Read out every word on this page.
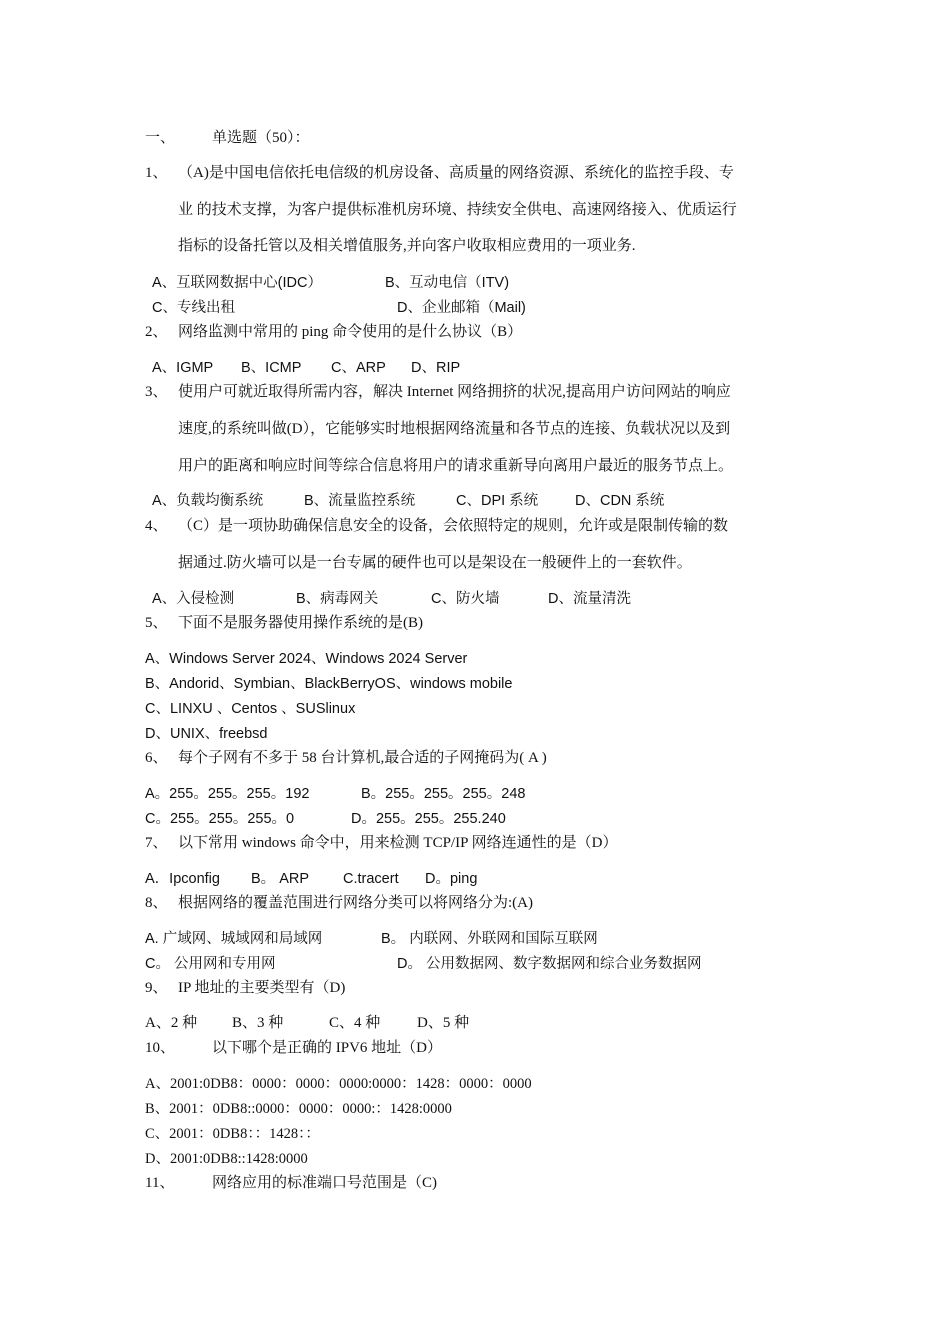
一、 单选题（50）：
1、 （A)是中国电信依托电信级的机房设备、高质量的网络资源、系统化的监控手段、专
业 的技术支撑，为客户提供标准机房环境、持续安全供电、高速网络接入、优质运行
指标的设备托管以及相关增值服务,并向客户收取相应费用的一项业务.
A、互联网数据中心(IDC）	B、互动电信（ITV)
C、专线出租	D、企业邮箱（Mail)
2、 网络监测中常用的 ping 命令使用的是什么协议（B）
A、IGMP B、ICMP C、ARP D、RIP
3、 使用户可就近取得所需内容，解决 Internet 网络拥挤的状况,提高用户访问网站的响应
速度,的系统叫做(D），它能够实时地根据网络流量和各节点的连接、负载状况以及到
用户的距离和响应时间等综合信息将用户的请求重新导向离用户最近的服务节点上。
A、负载均衡系统	B、流量监控系统	C、DPI 系统	D、CDN 系统
4、 （C）是一项协助确保信息安全的设备，会依照特定的规则，允许或是限制传输的数
据通过.防火墙可以是一台专属的硬件也可以是架设在一般硬件上的一套软件。
A、入侵检测	B、病毒网关	C、防火墙	D、流量清洗
5、 下面不是服务器使用操作系统的是(B)
A、Windows Server 2024、Windows 2024 Server
B、Andorid、Symbian、BlackBerryOS、windows mobile
C、LINXU 、Centos 、SUSlinux
D、UNIX、freebsd
6、 每个子网有不多于 58 台计算机,最合适的子网掩码为( A )
A。255。255。255。192	B。255。255。255。248
C。255。255。255。0	D。255。255。255.240
7、 以下常用 windows 命令中，用来检测 TCP/IP 网络连通性的是（D）
A．Ipconfig B。 ARP C.tracert D。ping
8、 根据网络的覆盖范围进行网络分类可以将网络分为:(A)
A. 广域网、城域网和局域网	B。 内联网、外联网和国际互联网
C。 公用网和专用网	D。 公用数据网、数字数据网和综合业务数据网
9、 IP 地址的主要类型有（D)
A、2 种 B、3 种	C、4 种 D、5 种
10、 以下哪个是正确的 IPV6 地址（D）
A、2001:0DB8：0000：0000：0000:0000：1428：0000：0000
B、2001：0DB8::0000：0000：0000:：1428:0000
C、2001：0DB8：：1428：：
D、2001:0DB8::1428:0000
11、	网络应用的标准端口号范围是（C)
